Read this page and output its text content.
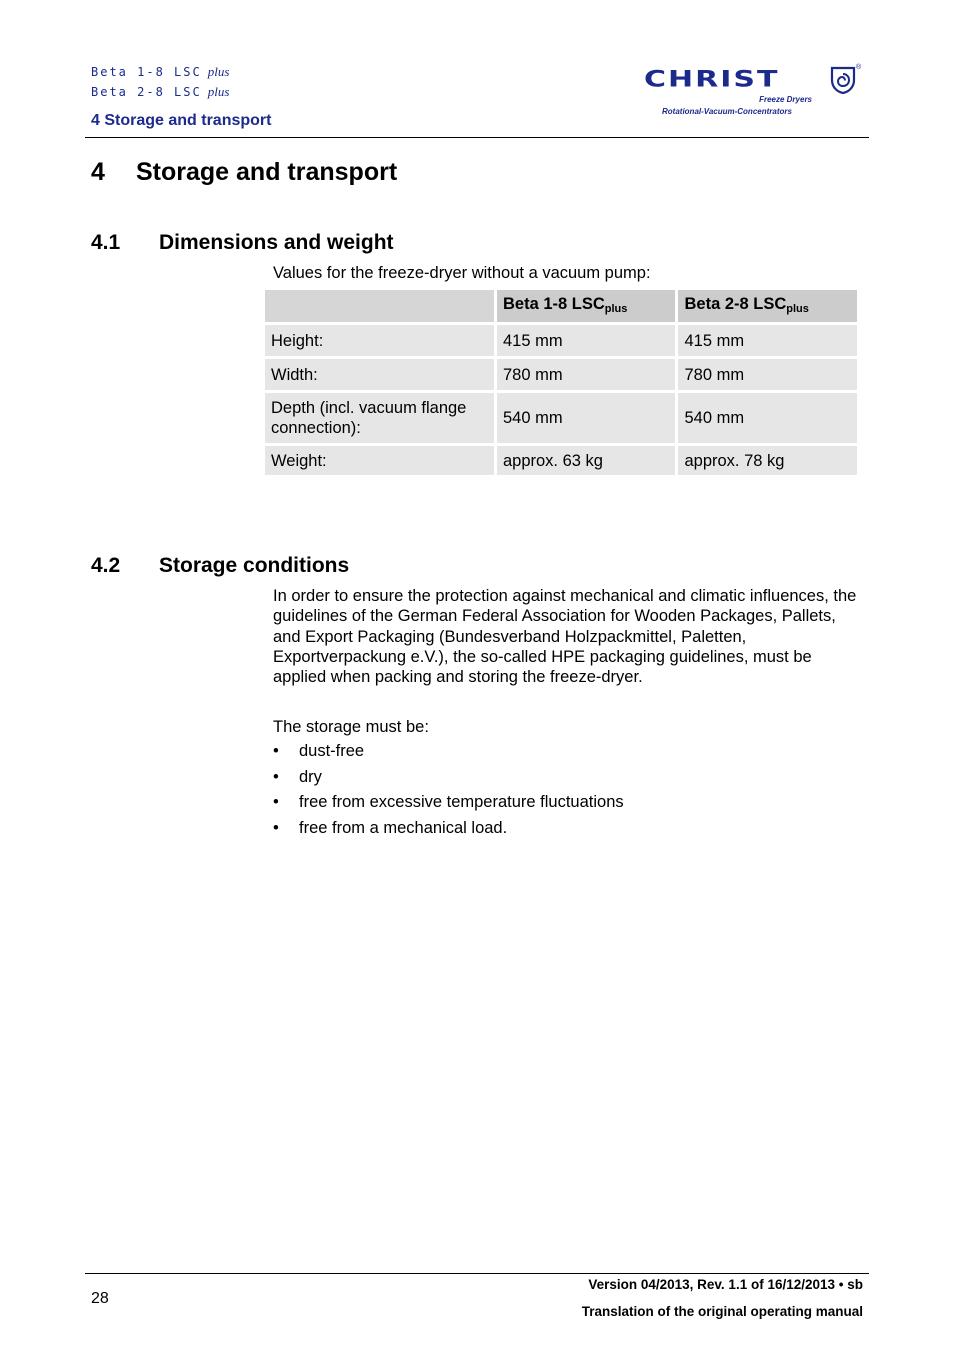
Beta 1-8 LSC plus
Beta 2-8 LSC plus
4 Storage and transport
CHRIST	®
Freeze Dryers
Rotational-Vacuum-Concentrators
4 Storage and transport
4.1 Dimensions and weight
Values for the freeze-dryer without a vacuum pump:
	Beta 1-8 $LSC_{plus}$	Beta 2-8 $LSC_{plus}$
Height:	415 mm	415 mm
Width:	780 mm	780 mm
Depth (incl. vacuum flange connection):	540 mm	540 mm
Weight:	approx. 63 kg	approx. 78 kg
4.2 Storage conditions
In order to ensure the protection against mechanical and climatic influences, the guidelines of the German Federal Association for Wooden Packages, Pallets, and Export Packaging (Bundesverband Holzpackmittel, Paletten, Exportverpackung e.V.), the so-called HPE packaging guidelines, must be applied when packing and storing the freeze-dryer.
The storage must be:
• dust-free
• dry
• free from excessive temperature fluctuations
• free from a mechanical load.
28
Version 04/2013, Rev. 1.1 of 16/12/2013 • sb
Translation of the original operating manual
